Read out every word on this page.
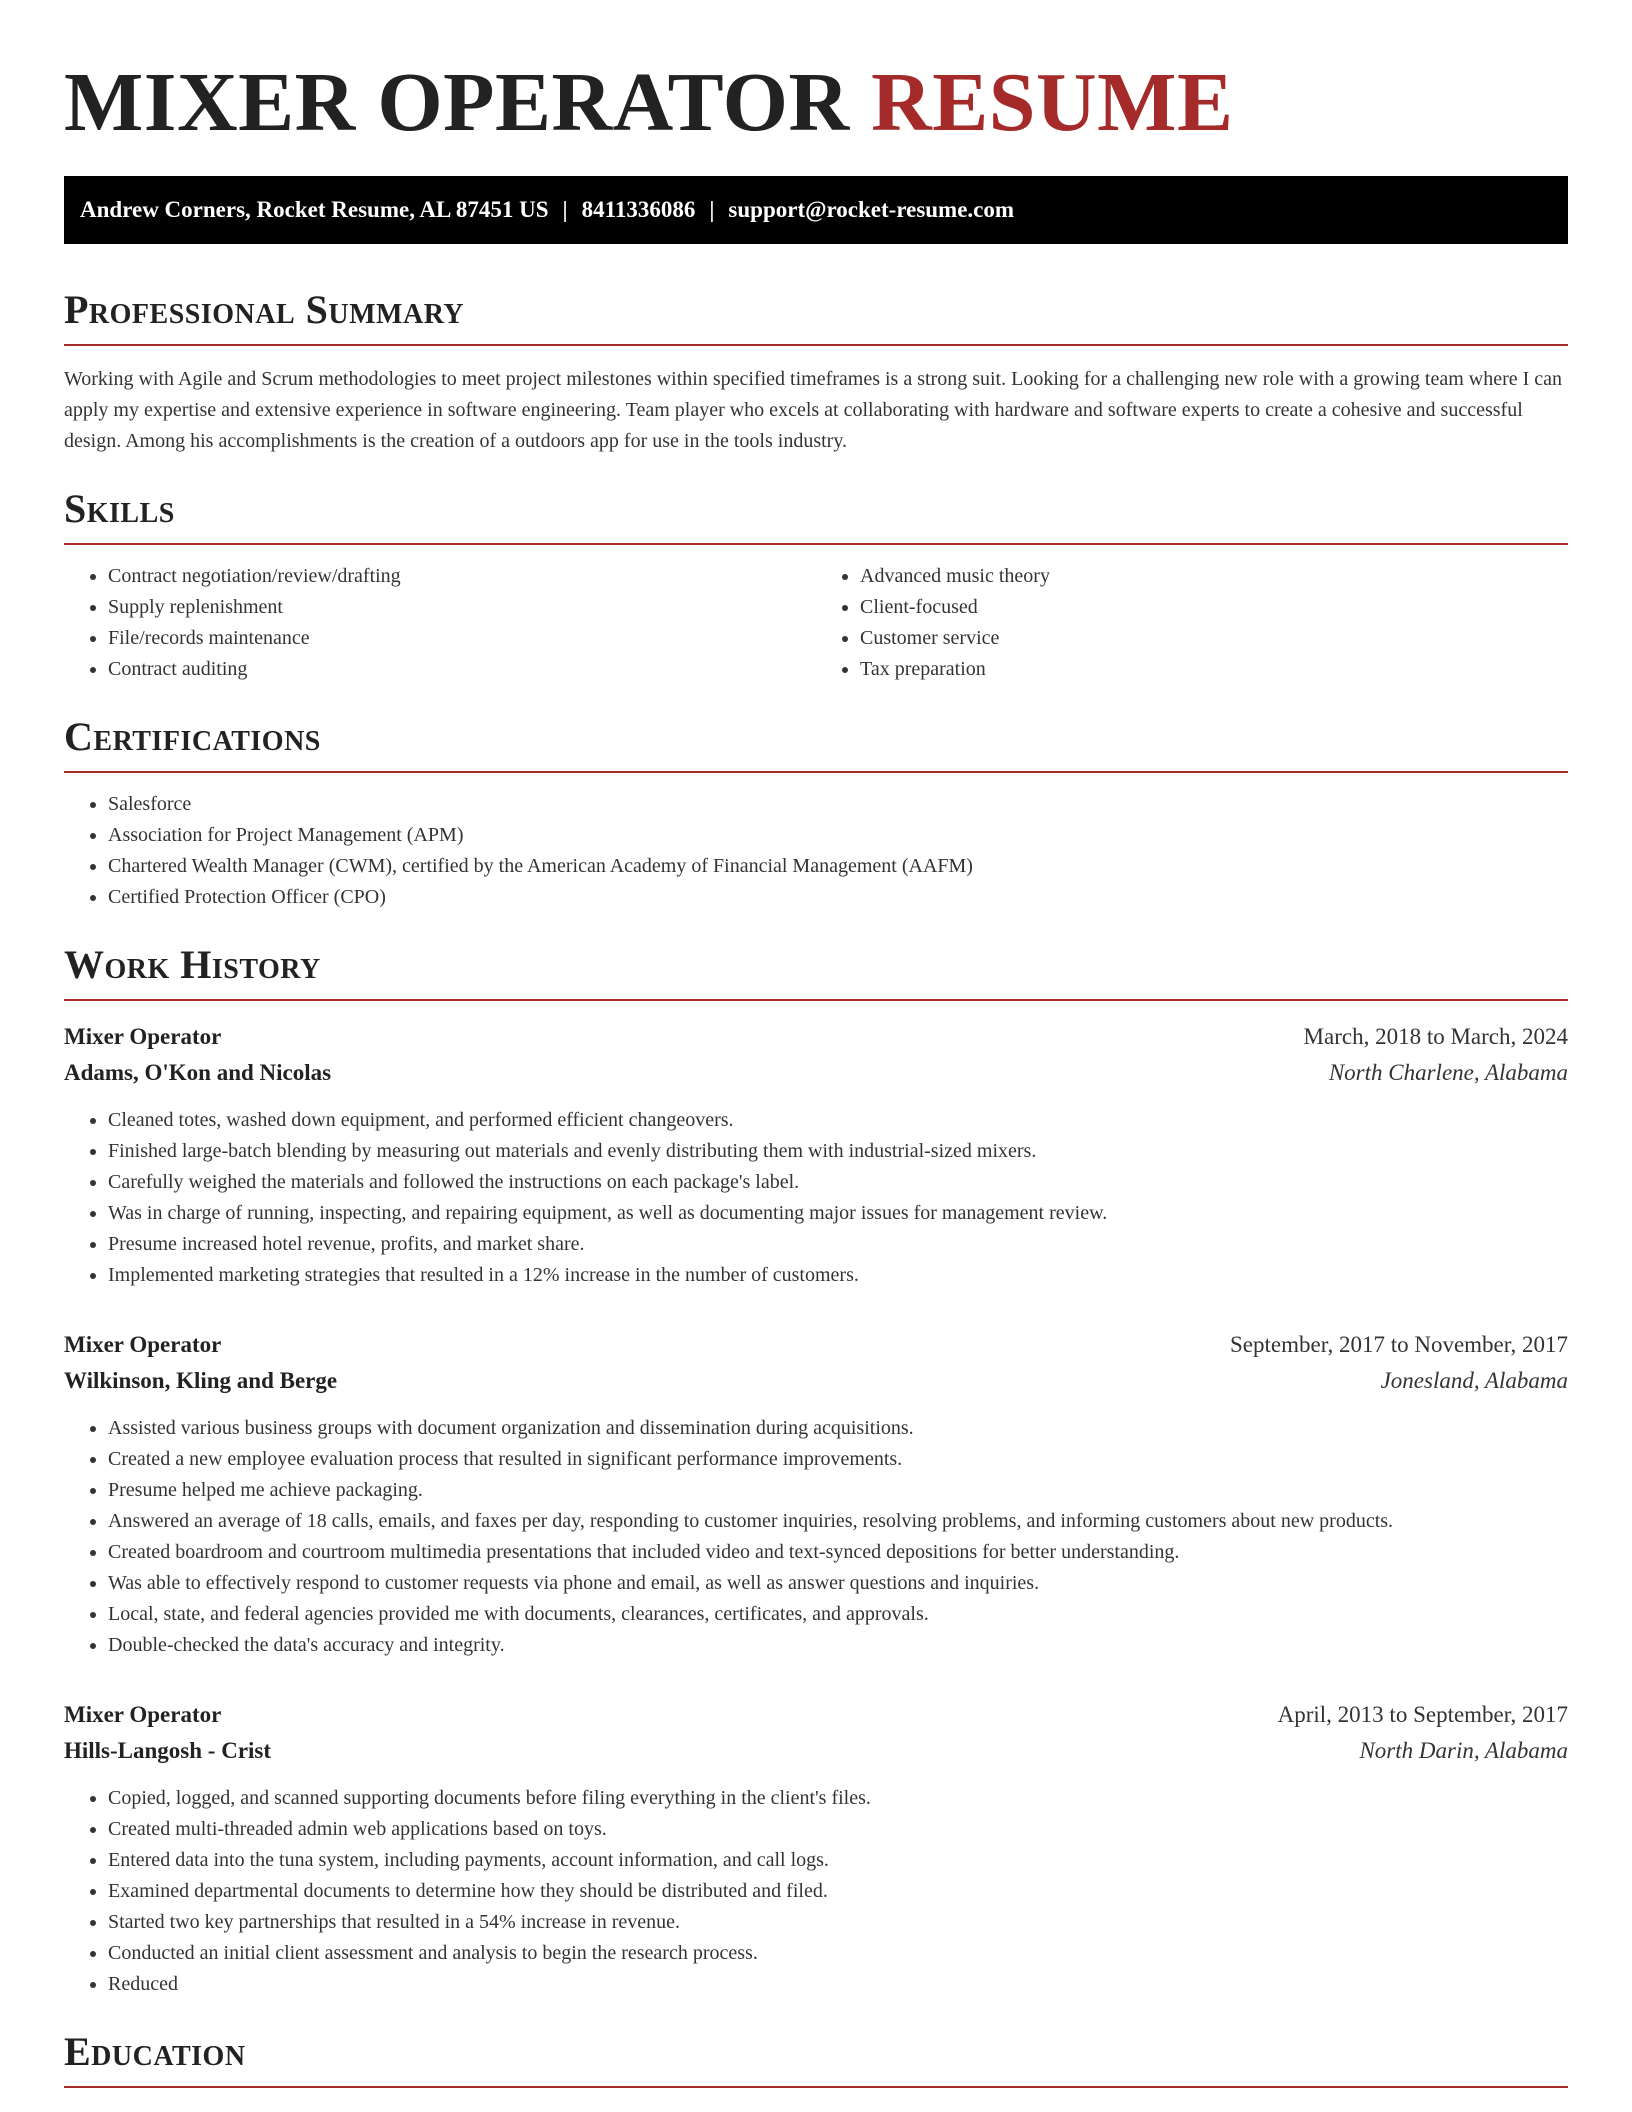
MIXER OPERATOR RESUME
Andrew Corners, Rocket Resume, AL 87451 US | 8411336086 | support@rocket-resume.com
Professional Summary

Working with Agile and Scrum methodologies to meet project milestones within specified timeframes is a strong suit. Looking for a challenging new role with a growing team where I can apply my expertise and extensive experience in software engineering. Team player who excels at collaborating with hardware and software experts to create a cohesive and successful design. Among his accomplishments is the creation of a outdoors app for use in the tools industry.

Skills
• Contract negotiation/review/drafting
• Supply replenishment
• File/records maintenance
• Contract auditing
• Advanced music theory
• Client-focused
• Customer service
• Tax preparation
Certifications
• Salesforce
• Association for Project Management (APM)
• Chartered Wealth Manager (CWM), certified by the American Academy of Financial Management (AAFM)
• Certified Protection Officer (CPO)
Work History
Mixer Operator	March, 2018 to March, 2024
Adams, O'Kon and Nicolas	North Charlene, Alabama
• Cleaned totes, washed down equipment, and performed efficient changeovers.
• Finished large-batch blending by measuring out materials and evenly distributing them with industrial-sized mixers.
• Carefully weighed the materials and followed the instructions on each package's label.
• Was in charge of running, inspecting, and repairing equipment, as well as documenting major issues for management review.
• Presume increased hotel revenue, profits, and market share.
• Implemented marketing strategies that resulted in a 12% increase in the number of customers.
Mixer Operator	September, 2017 to November, 2017
Wilkinson, Kling and Berge	Jonesland, Alabama
• Assisted various business groups with document organization and dissemination during acquisitions.
• Created a new employee evaluation process that resulted in significant performance improvements.
• Presume helped me achieve packaging.
• Answered an average of 18 calls, emails, and faxes per day, responding to customer inquiries, resolving problems, and informing customers about new products.
• Created boardroom and courtroom multimedia presentations that included video and text-synced depositions for better understanding.
• Was able to effectively respond to customer requests via phone and email, as well as answer questions and inquiries.
• Local, state, and federal agencies provided me with documents, clearances, certificates, and approvals.
• Double-checked the data's accuracy and integrity.
Mixer Operator	April, 2013 to September, 2017
Hills-Langosh - Crist	North Darin, Alabama
• Copied, logged, and scanned supporting documents before filing everything in the client's files.
• Created multi-threaded admin web applications based on toys.
• Entered data into the tuna system, including payments, account information, and call logs.
• Examined departmental documents to determine how they should be distributed and filed.
• Started two key partnerships that resulted in a 54% increase in revenue.
• Conducted an initial client assessment and analysis to begin the research process.
• Reduced
Education
